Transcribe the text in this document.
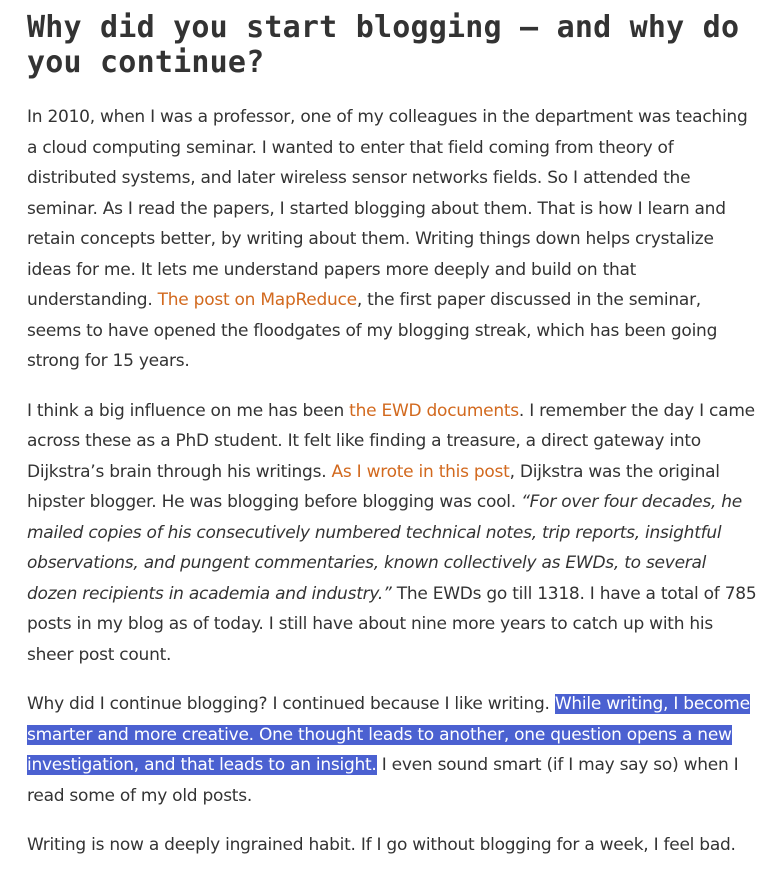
Why did you start blogging — and why do you continue?

In 2010, when I was a professor, one of my colleagues in the department was teaching a cloud computing seminar. I wanted to enter that field coming from theory of distributed systems, and later wireless sensor networks fields. So I attended the seminar. As I read the papers, I started blogging about them. That is how I learn and retain concepts better, by writing about them. Writing things down helps crystalize ideas for me. It lets me understand papers more deeply and build on that understanding. The post on MapReduce, the first paper discussed in the seminar, seems to have opened the floodgates of my blogging streak, which has been going strong for 15 years.

I think a big influence on me has been the EWD documents. I remember the day I came across these as a PhD student. It felt like finding a treasure, a direct gateway into Dijkstra’s brain through his writings. As I wrote in this post, Dijkstra was the original hipster blogger. He was blogging before blogging was cool. “For over four decades, he mailed copies of his consecutively numbered technical notes, trip reports, insightful observations, and pungent commentaries, known collectively as EWDs, to several dozen recipients in academia and industry.” The EWDs go till 1318. I have a total of 785 posts in my blog as of today. I still have about nine more years to catch up with his sheer post count.

Why did I continue blogging? I continued because I like writing. While writing, I become smarter and more creative. One thought leads to another, one question opens a new investigation, and that leads to an insight. I even sound smart (if I may say so) when I read some of my old posts.

Writing is now a deeply ingrained habit. If I go without blogging for a week, I feel bad.
